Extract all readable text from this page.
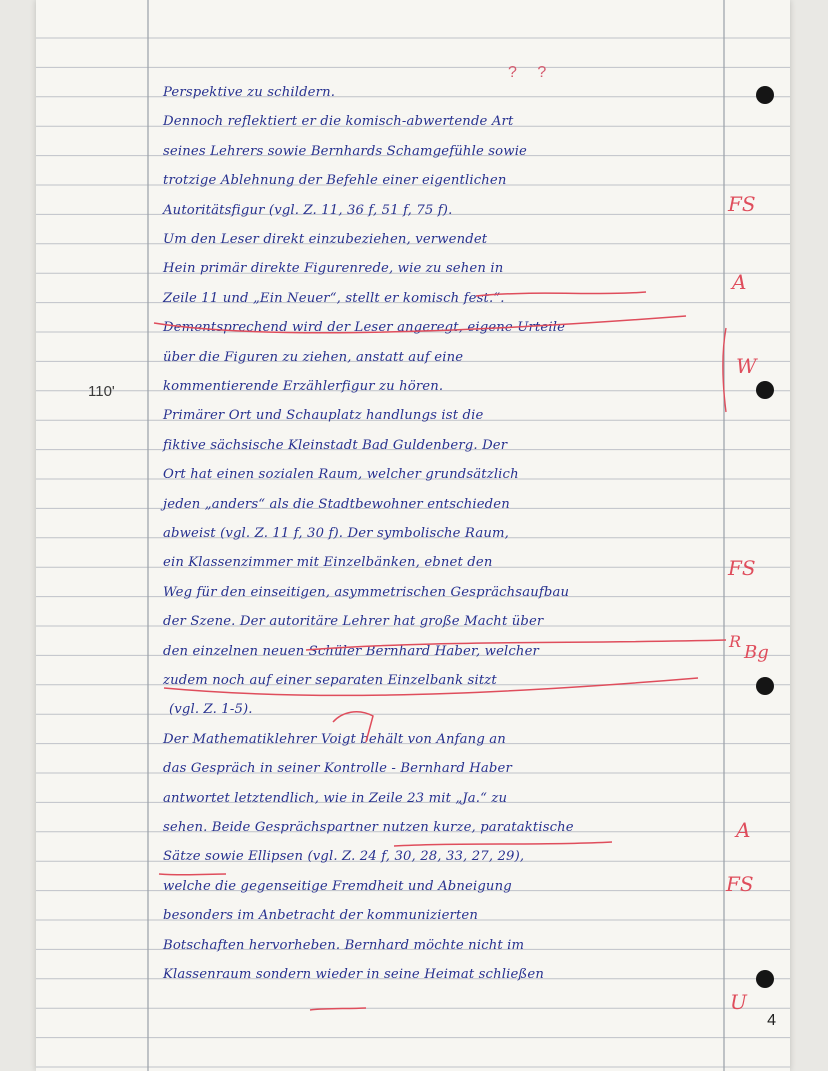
? ?
110'
Perspektive zu schildern.
Dennoch reflektiert er die komisch-abwertende Art
seines Lehrers sowie Bernhards Schamgefühle sowie
trotzige Ablehnung der Befehle einer eigentlichen
Autoritätsfigur (vgl. Z. 11, 36 f, 51 f, 75 f).
Um den Leser direkt einzubeziehen, verwendet
Hein primär direkte Figurenrede, wie zu sehen in
Zeile 11 und „Ein Neuer“, stellt er komisch fest.“.
Dementsprechend wird der Leser angeregt, eigene Urteile
über die Figuren zu ziehen, anstatt auf eine
kommentierende Erzählerfigur zu hören.
Primärer Ort und Schauplatz handlungs ist die
fiktive sächsische Kleinstadt Bad Guldenberg. Der
Ort hat einen sozialen Raum, welcher grundsätzlich
jeden „anders“ als die Stadtbewohner entschieden
abweist (vgl. Z. 11 f, 30 f). Der symbolische Raum,
ein Klassenzimmer mit Einzelbänken, ebnet den
Weg für den einseitigen, asymmetrischen Gesprächsaufbau
der Szene. Der autoritäre Lehrer hat große Macht über
den einzelnen neuen Schüler Bernhard Haber, welcher
zudem noch auf einer separaten Einzelbank sitzt
(vgl. Z. 1-5).
Der Mathematiklehrer Voigt behält von Anfang an
das Gespräch in seiner Kontrolle - Bernhard Haber
antwortet letztendlich, wie in Zeile 23 mit „Ja.“ zu
sehen. Beide Gesprächspartner nutzen kurze, parataktische
Sätze sowie Ellipsen (vgl. Z. 24 f, 30, 28, 33, 27, 29),
welche die gegenseitige Fremdheit und Abneigung
besonders im Anbetracht der kommunizierten
Botschaften hervorheben. Bernhard möchte nicht im
Klassenraum sondern wieder in seine Heimat schließen
FS
A
W
FS
R
Bg
A
FS
U
4
